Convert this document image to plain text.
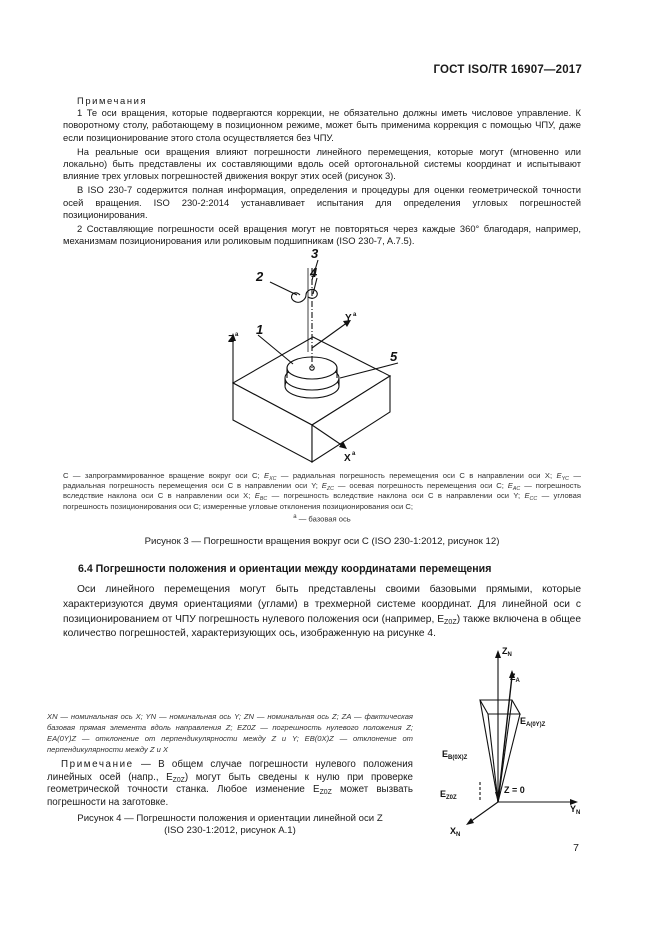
ГОСТ ISO/TR 16907—2017

Примечания

1 Те оси вращения, которые подвергаются коррекции, не обязательно должны иметь числовое управление. К поворотному столу, работающему в позиционном режиме, может быть применима коррекция с помощью ЧПУ, даже если позиционирование этого стола осуществляется без ЧПУ.

На реальные оси вращения влияют погрешности линейного перемещения, которые могут (мгновенно или локально) быть представлены их составляющими вдоль осей ортогональной системы координат и испытывают влияние трех угловых погрешностей движения вокруг этих осей (рисунок 3).

В ISO 230-7 содержится полная информация, определения и процедуры для оценки геометрической точности осей вращения. ISO 230-2:2014 устанавливает испытания для определения угловых погрешностей позиционирования.

2 Составляющие погрешности осей вращения могут не повторяться через каждые 360° благодаря, например, механизмам позиционирования или роликовым подшипникам (ISO 230-7, A.7.5).

3
4
2
1
5
Z
Y
X
а
а
а
C — запрограммированное вращение вокруг оси C; $E_{XC}$ — радиальная погрешность перемещения оси C в направлении оси X; $E_{YC}$ — радиальная погрешность перемещения оси C в направлении оси Y; $E_{ZC}$ — осевая погрешность перемещения оси C; $E_{AC}$ — погрешность вследствие наклона оси C в направлении оси X; $E_{BC}$ — погрешность вследствие наклона оси C в направлении оси Y; $E_{CC}$ — угловая погрешность позиционирования оси C; измеренные угловые отклонения позиционирования оси C;
$^а$ — базовая ось
Рисунок 3 — Погрешности вращения вокруг оси C (ISO 230-1:2012, рисунок 12)
6.4 Погрешности положения и ориентации между координатами перемещения

Оси линейного перемещения могут быть представлены своими базовыми прямыми, которые характеризуются двумя ориентациями (углами) в трехмерной системе координат. Для линейной оси с позиционированием от ЧПУ погрешность нулевого положения оси (например, $E_{Z0Z}$) также включена в общее количество погрешностей, характеризующих ось, изображенную на рисунке 4.

$Z_N$
$Z_A$
$E_{A(0Y)Z}$
$E_{B(0X)Z}$
$E_{Z0Z}$
Z = 0
$Y_N$
$X_N$
XN — номинальная ось X; YN — номинальная ось Y; ZN — номинальная ось Z; ZA — фактическая базовая прямая элемента вдоль направления Z; EZ0Z — погрешность нулевого положения Z; EA(0Y)Z — отклонение от перпендикулярности между Z и Y; EB(0X)Z — отклонение от перпендикулярности между Z и X

Примечание — В общем случае погрешности нулевого положения линейных осей (напр., $E_{Z0Z}$) могут быть сведены к нулю при проверке геометрической точности станка. Любое изменение $E_{Z0Z}$ может вызвать погрешности на заготовке.

Рисунок 4 — Погрешности положения и ориентации линейной оси Z
(ISO 230-1:2012, рисунок A.1)
7
